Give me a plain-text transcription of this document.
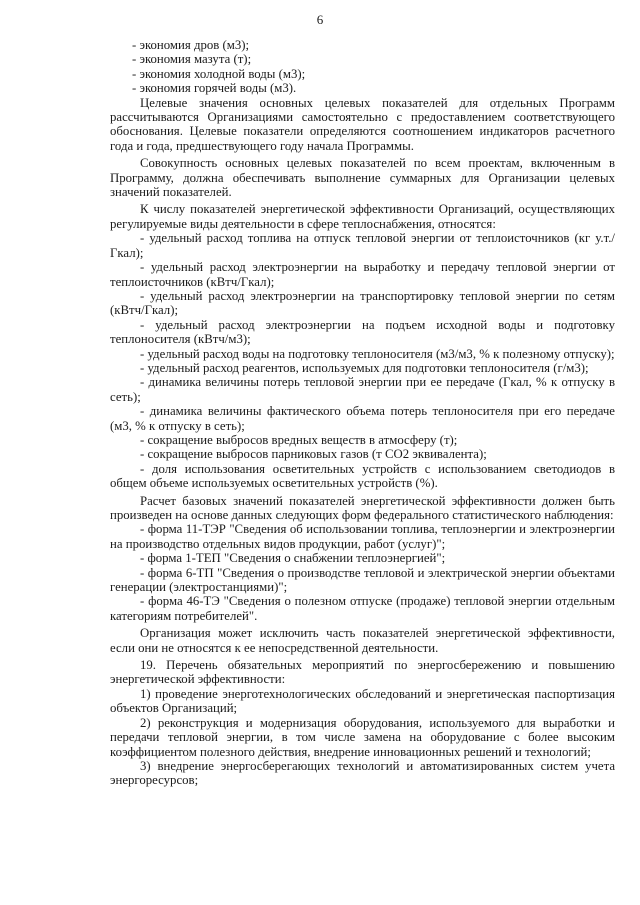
6

- экономия дров (м3);

- экономия мазута (т);

- экономия холодной воды (м3);

- экономия горячей воды (м3).

Целевые значения основных целевых показателей для отдельных Программ рассчитываются Организациями самостоятельно с предоставлением соответствующего обоснования. Целевые показатели определяются соотношением индикаторов расчетного года и года, предшествующего году начала Программы.

Совокупность основных целевых показателей по всем проектам, включенным в Программу, должна обеспечивать выполнение суммарных для Организации целевых значений показателей.

К числу показателей энергетической эффективности Организаций, осуществляющих регулируемые виды деятельности в сфере теплоснабжения, относятся:

- удельный расход топлива на отпуск тепловой энергии от теплоисточников (кг у.т./Гкал);

- удельный расход электроэнергии на выработку и передачу тепловой энергии от теплоисточников (кВтч/Гкал);

- удельный расход электроэнергии на транспортировку тепловой энергии по сетям (кВтч/Гкал);

- удельный расход электроэнергии на подъем исходной воды и подготовку теплоносителя (кВтч/м3);

- удельный расход воды на подготовку теплоносителя (м3/м3, % к полезному отпуску);

- удельный расход реагентов, используемых для подготовки теплоносителя (г/м3);

- динамика величины потерь тепловой энергии при ее передаче (Гкал, % к отпуску в сеть);

- динамика величины фактического объема потерь теплоносителя при его передаче (м3, % к отпуску в сеть);

- сокращение выбросов вредных веществ в атмосферу (т);

- сокращение выбросов парниковых газов (т СО2 эквивалента);

- доля использования осветительных устройств с использованием светодиодов в общем объеме используемых осветительных устройств (%).

Расчет базовых значений показателей энергетической эффективности должен быть произведен на основе данных следующих форм федерального статистического наблюдения:

- форма 11-ТЭР "Сведения об использовании топлива, теплоэнергии и электроэнергии на производство отдельных видов продукции, работ (услуг)";

- форма 1-ТЕП "Сведения о снабжении теплоэнергией";

- форма 6-ТП "Сведения о производстве тепловой и электрической энергии объектами генерации (электростанциями)";

- форма 46-ТЭ "Сведения о полезном отпуске (продаже) тепловой энергии отдельным категориям потребителей".

Организация может исключить часть показателей энергетической эффективности, если они не относятся к ее непосредственной деятельности.

19. Перечень обязательных мероприятий по энергосбережению и повышению энергетической эффективности:

1) проведение энерготехнологических обследований и энергетическая паспортизация объектов Организаций;

2) реконструкция и модернизация оборудования, используемого для выработки и передачи тепловой энергии, в том числе замена на оборудование с более высоким коэффициентом полезного действия, внедрение инновационных решений и технологий;

3) внедрение энергосберегающих технологий и автоматизированных систем учета энергоресурсов;
